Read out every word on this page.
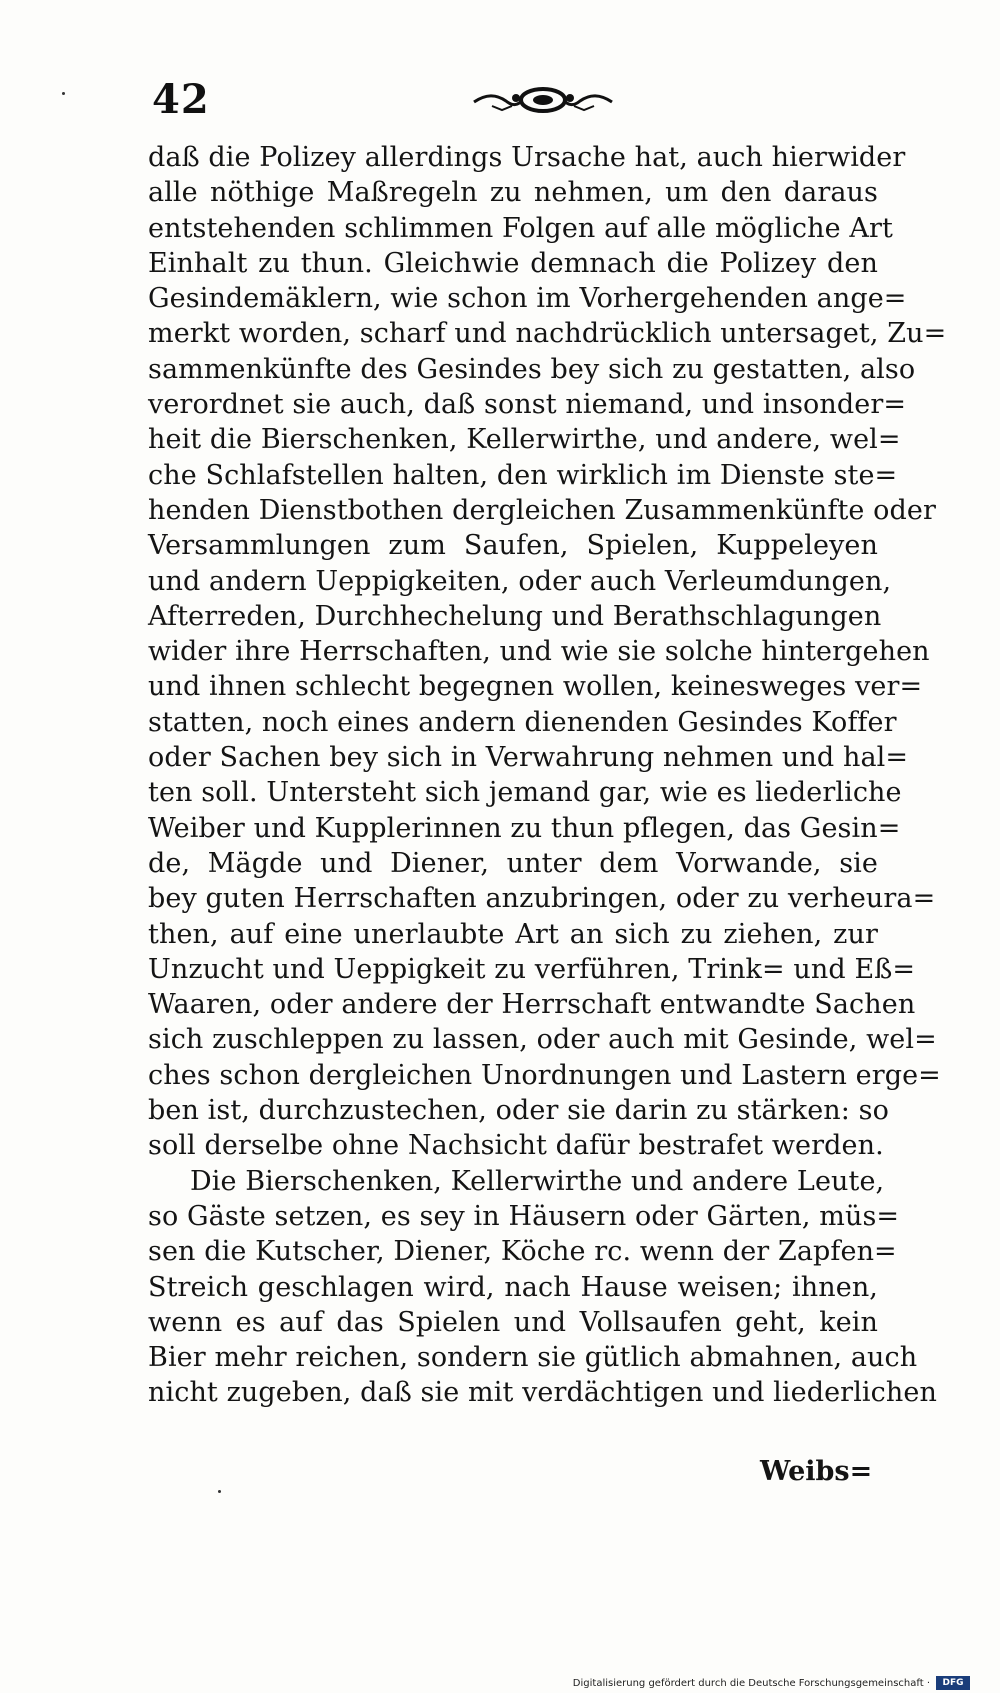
42
daß die Polizey allerdings Ursache hat, auch hierwider
alle nöthige Maßregeln zu nehmen, um den daraus
entstehenden schlimmen Folgen auf alle mögliche Art
Einhalt zu thun. Gleichwie demnach die Polizey den
Gesindemäklern, wie schon im Vorhergehenden ange=
merkt worden, scharf und nachdrücklich untersaget, Zu=
sammenkünfte des Gesindes bey sich zu gestatten, also
verordnet sie auch, daß sonst niemand, und insonder=
heit die Bierschenken, Kellerwirthe, und andere, wel=
che Schlafstellen halten, den wirklich im Dienste ste=
henden Dienstbothen dergleichen Zusammenkünfte oder
Versammlungen zum Saufen, Spielen, Kuppeleyen
und andern Ueppigkeiten, oder auch Verleumdungen,
Afterreden, Durchhechelung und Berathschlagungen
wider ihre Herrschaften, und wie sie solche hintergehen
und ihnen schlecht begegnen wollen, keinesweges ver=
statten, noch eines andern dienenden Gesindes Koffer
oder Sachen bey sich in Verwahrung nehmen und hal=
ten soll. Untersteht sich jemand gar, wie es liederliche
Weiber und Kupplerinnen zu thun pflegen, das Gesin=
de, Mägde und Diener, unter dem Vorwande, sie
bey guten Herrschaften anzubringen, oder zu verheura=
then, auf eine unerlaubte Art an sich zu ziehen, zur
Unzucht und Ueppigkeit zu verführen, Trink= und Eß=
Waaren, oder andere der Herrschaft entwandte Sachen
sich zuschleppen zu lassen, oder auch mit Gesinde, wel=
ches schon dergleichen Unordnungen und Lastern erge=
ben ist, durchzustechen, oder sie darin zu stärken: so
soll derselbe ohne Nachsicht dafür bestrafet werden.
Die Bierschenken, Kellerwirthe und andere Leute,
so Gäste setzen, es sey in Häusern oder Gärten, müs=
sen die Kutscher, Diener, Köche rc. wenn der Zapfen=
Streich geschlagen wird, nach Hause weisen; ihnen,
wenn es auf das Spielen und Vollsaufen geht, kein
Bier mehr reichen, sondern sie gütlich abmahnen, auch
nicht zugeben, daß sie mit verdächtigen und liederlichen
Weibs=
Digitalisierung gefördert durch die Deutsche Forschungsgemeinschaft ·	DFG
